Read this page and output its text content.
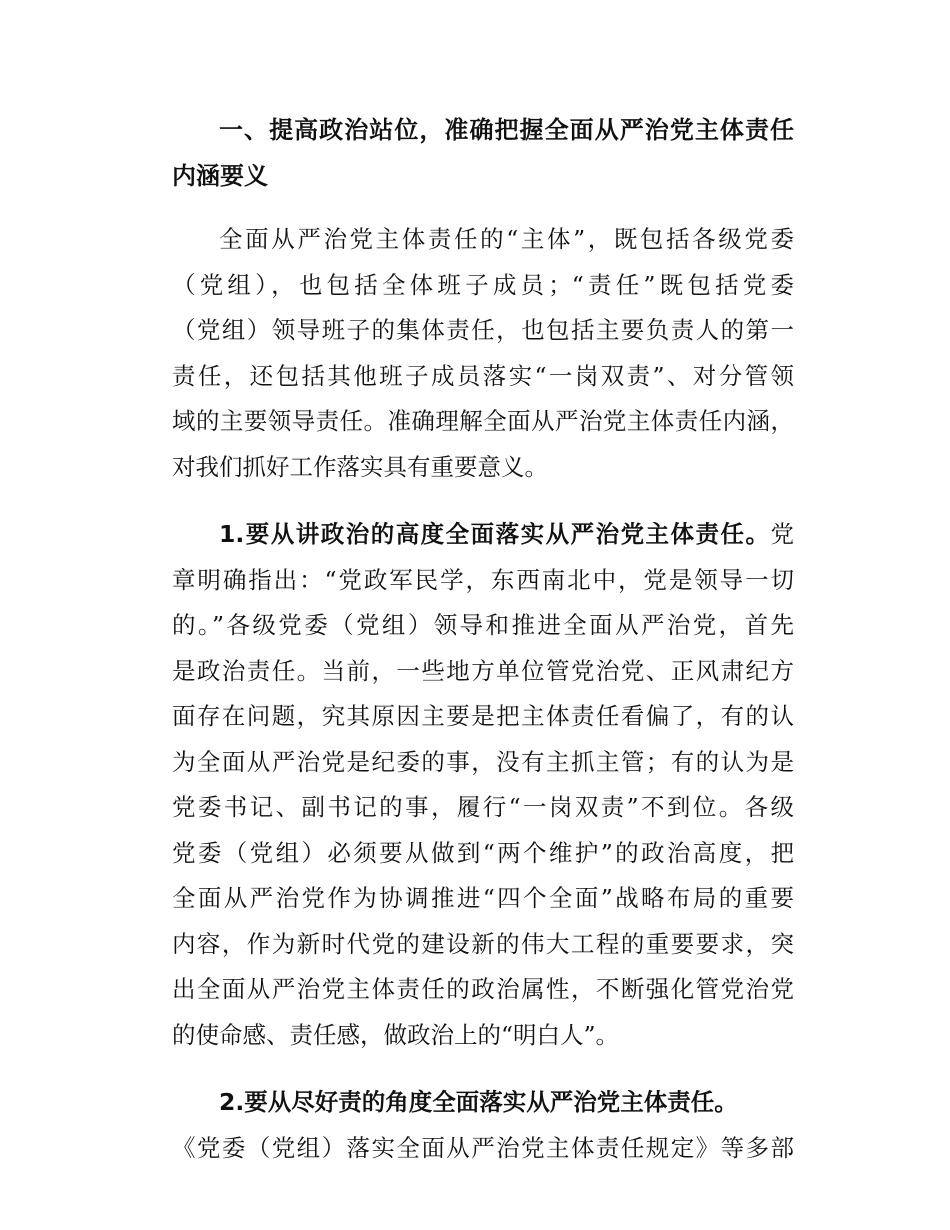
一、提高政治站位，准确把握全面从严治党主体责任
内涵要义
全面从严治党主体责任的“主体”，既包括各级党委
（党组），也包括全体班子成员；“责任”既包括党委
（党组）领导班子的集体责任，也包括主要负责人的第一
责任，还包括其他班子成员落实“一岗双责”、对分管领
域的主要领导责任。准确理解全面从严治党主体责任内涵，
对我们抓好工作落实具有重要意义。
1.要从讲政治的高度全面落实从严治党主体责任。党
章明确指出：“党政军民学，东西南北中，党是领导一切
的。”各级党委（党组）领导和推进全面从严治党，首先
是政治责任。当前，一些地方单位管党治党、正风肃纪方
面存在问题，究其原因主要是把主体责任看偏了，有的认
为全面从严治党是纪委的事，没有主抓主管；有的认为是
党委书记、副书记的事，履行“一岗双责”不到位。各级
党委（党组）必须要从做到“两个维护”的政治高度，把
全面从严治党作为协调推进“四个全面”战略布局的重要
内容，作为新时代党的建设新的伟大工程的重要要求，突
出全面从严治党主体责任的政治属性，不断强化管党治党
的使命感、责任感，做政治上的“明白人”。
2.要从尽好责的角度全面落实从严治党主体责任。
《党委（党组）落实全面从严治党主体责任规定》等多部
